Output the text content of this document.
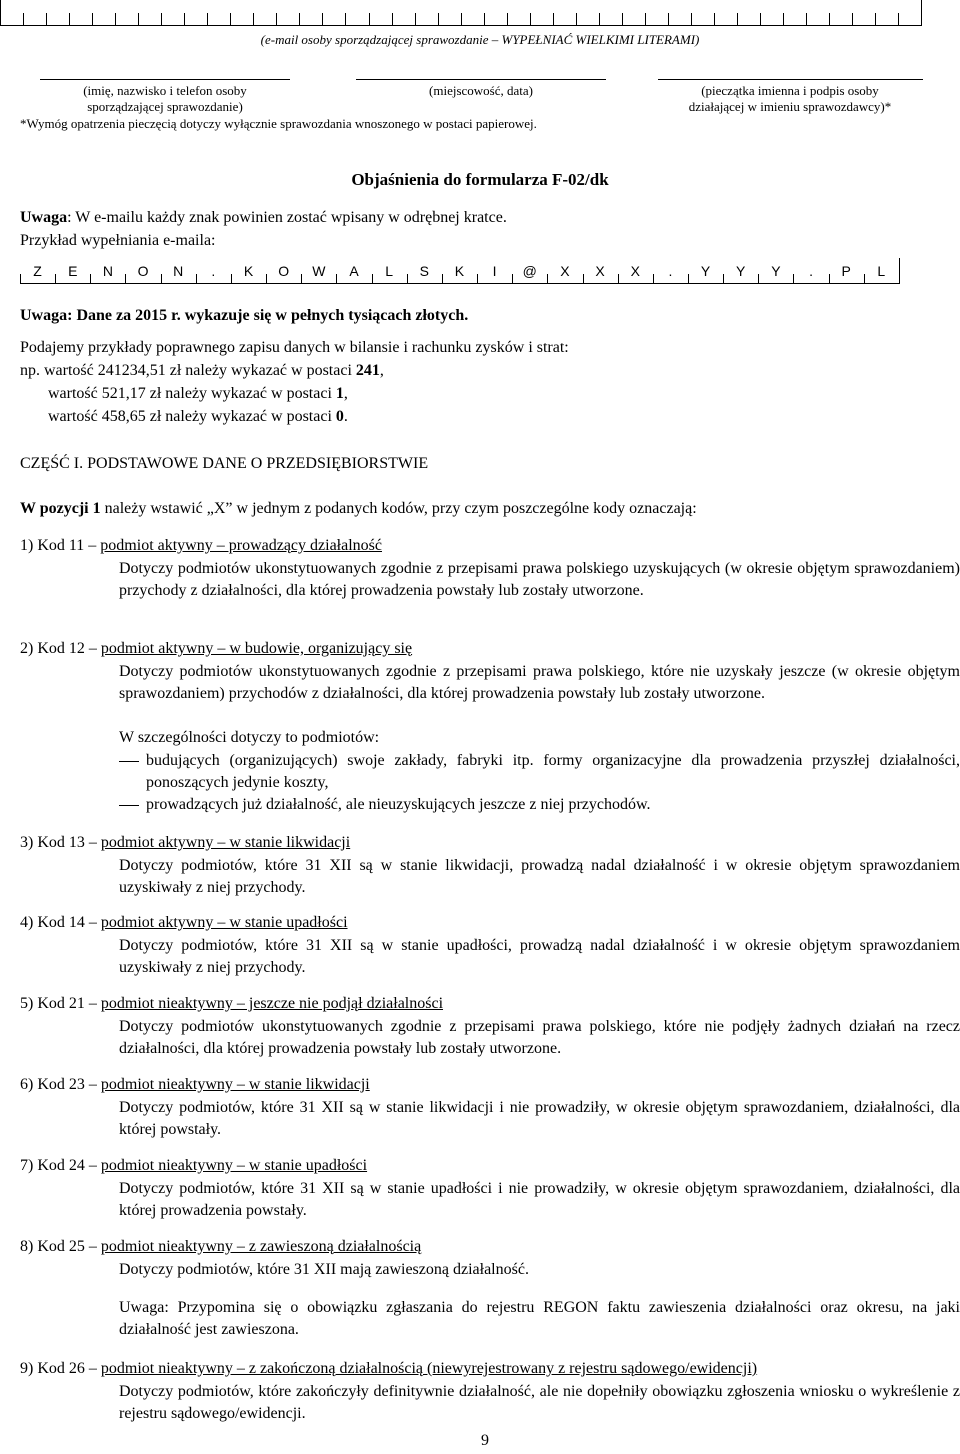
(e-mail osoby sporządzającej sprawozdanie – WYPEŁNIAĆ WIELKIMI LITERAMI)
(imię, nazwisko i telefon osoby
sporządzającej sprawozdanie)
(miejscowość, data)	(pieczątka imienna i podpis osoby
działającej w imieniu sprawozdawcy)*
*Wymóg opatrzenia pieczęcią dotyczy wyłącznie sprawozdania wnoszonego w postaci papierowej.
Objaśnienia do formularza F-02/dk
Uwaga: W e-mailu każdy znak powinien zostać wpisany w odrębnej kratce.
Przykład wypełniania e-maila:
Z	E	N	O	N	.	K	O	W	A	L	S	K	I	@	X	X	X	.	Y	Y	Y	.	P	L
Uwaga: Dane za 2015 r. wykazuje się w pełnych tysiącach złotych.
Podajemy przykłady poprawnego zapisu danych w bilansie i rachunku zysków i strat:
np. wartość 241234,51 zł należy wykazać w postaci 241,
wartość 521,17 zł należy wykazać w postaci 1,
wartość 458,65 zł należy wykazać w postaci 0.
CZĘŚĆ I. PODSTAWOWE DANE O PRZEDSIĘBIORSTWIE
W pozycji 1 należy wstawić „X” w jednym z podanych kodów, przy czym poszczególne kody oznaczają:
1) Kod 11 – podmiot aktywny – prowadzący działalność
Dotyczy podmiotów ukonstytuowanych zgodnie z przepisami prawa polskiego uzyskujących (w okresie objętym sprawozdaniem) przychody z działalności, dla której prowadzenia powstały lub zostały utworzone.
2) Kod 12 – podmiot aktywny – w budowie, organizujący się
Dotyczy podmiotów ukonstytuowanych zgodnie z przepisami prawa polskiego, które nie uzyskały jeszcze (w okresie objętym sprawozdaniem) przychodów z działalności, dla której prowadzenia powstały lub zostały utworzone.
W szczególności dotyczy to podmiotów:
budujących (organizujących) swoje zakłady, fabryki itp. formy organizacyjne dla prowadzenia przyszłej działalności, ponoszących jedynie koszty,
prowadzących już działalność, ale nieuzyskujących jeszcze z niej przychodów.
3) Kod 13 – podmiot aktywny – w stanie likwidacji
Dotyczy podmiotów, które 31 XII są w stanie likwidacji, prowadzą nadal działalność i w okresie objętym sprawozdaniem uzyskiwały z niej przychody.
4) Kod 14 – podmiot aktywny – w stanie upadłości
Dotyczy podmiotów, które 31 XII są w stanie upadłości, prowadzą nadal działalność i w okresie objętym sprawozdaniem uzyskiwały z niej przychody.
5) Kod 21 – podmiot nieaktywny – jeszcze nie podjął działalności
Dotyczy podmiotów ukonstytuowanych zgodnie z przepisami prawa polskiego, które nie podjęły żadnych działań na rzecz działalności, dla której prowadzenia powstały lub zostały utworzone.
6) Kod 23 – podmiot nieaktywny – w stanie likwidacji
Dotyczy podmiotów, które 31 XII są w stanie likwidacji i nie prowadziły, w okresie objętym sprawozdaniem, działalności, dla której powstały.
7) Kod 24 – podmiot nieaktywny – w stanie upadłości
Dotyczy podmiotów, które 31 XII są w stanie upadłości i nie prowadziły, w okresie objętym sprawozdaniem, działalności, dla której prowadzenia powstały.
8) Kod 25 – podmiot nieaktywny – z zawieszoną działalnością
Dotyczy podmiotów, które 31 XII mają zawieszoną działalność.
Uwaga: Przypomina się o obowiązku zgłaszania do rejestru REGON faktu zawieszenia działalności oraz okresu, na jaki działalność jest zawieszona.
9) Kod 26 – podmiot nieaktywny – z zakończoną działalnością (niewyrejestrowany z rejestru sądowego/ewidencji)
Dotyczy podmiotów, które zakończyły definitywnie działalność, ale nie dopełniły obowiązku zgłoszenia wniosku o wykreślenie z rejestru sądowego/ewidencji.
9
